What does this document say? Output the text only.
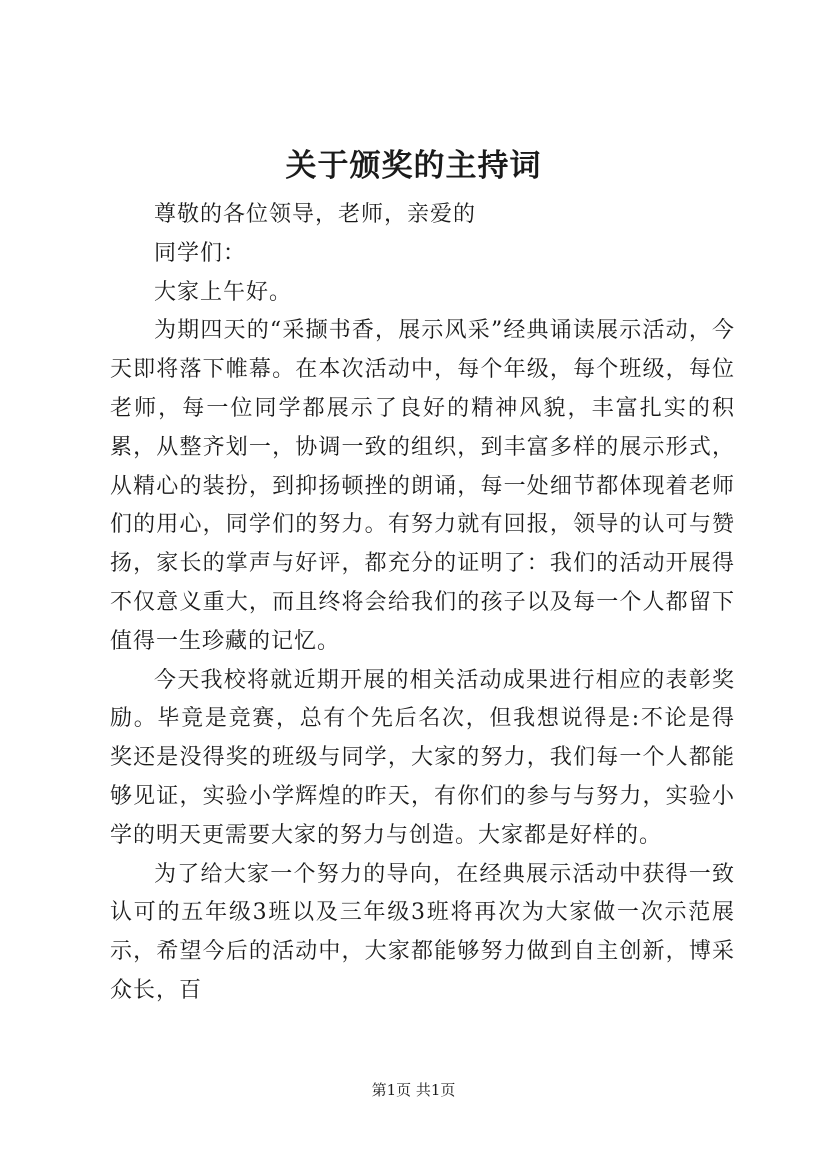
关于颁奖的主持词

尊敬的各位领导，老师，亲爱的

同学们：

大家上午好。

为期四天的“采撷书香，展示风采”经典诵读展示活动，今天即将落下帷幕。在本次活动中，每个年级，每个班级，每位老师，每一位同学都展示了良好的精神风貌，丰富扎实的积累，从整齐划一，协调一致的组织，到丰富多样的展示形式，从精心的装扮，到抑扬顿挫的朗诵，每一处细节都体现着老师们的用心，同学们的努力。有努力就有回报，领导的认可与赞扬，家长的掌声与好评，都充分的证明了：我们的活动开展得不仅意义重大，而且终将会给我们的孩子以及每一个人都留下值得一生珍藏的记忆。

今天我校将就近期开展的相关活动成果进行相应的表彰奖励。毕竟是竞赛，总有个先后名次，但我想说得是:不论是得奖还是没得奖的班级与同学，大家的努力，我们每一个人都能够见证，实验小学辉煌的昨天，有你们的参与与努力，实验小学的明天更需要大家的努力与创造。大家都是好样的。

为了给大家一个努力的导向，在经典展示活动中获得一致认可的五年级3班以及三年级3班将再次为大家做一次示范展示，希望今后的活动中，大家都能够努力做到自主创新，博采众长，百

第1页 共1页
